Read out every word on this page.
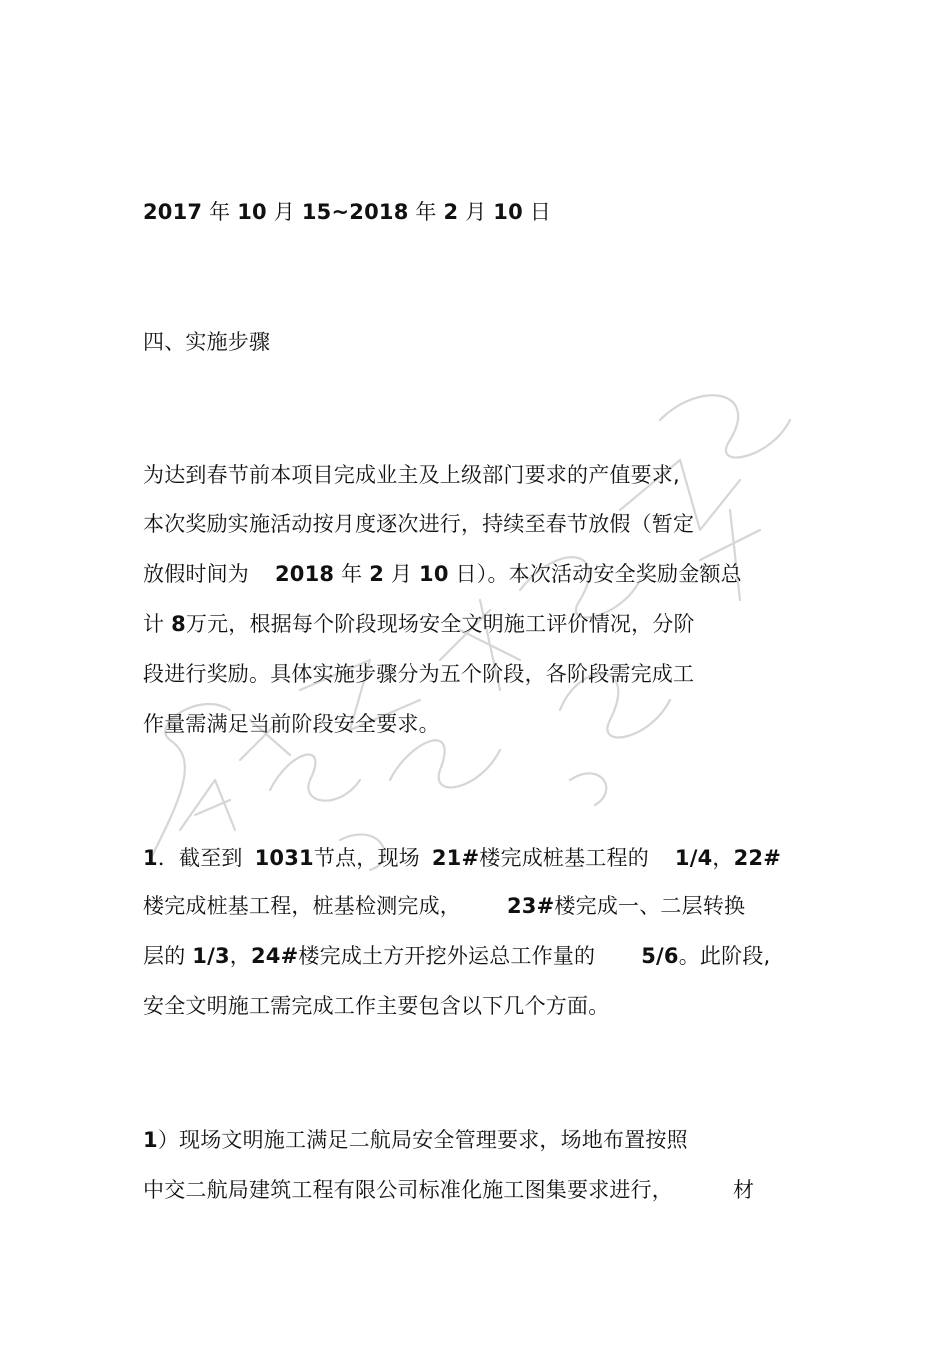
2017 年 10 月 15~2018 年 2 月 10 日

四、实施步骤

为达到春节前本项目完成业主及上级部门要求的产值要求,

本次奖励实施活动按月度逐次进行，持续至春节放假（暂定

放假时间为 2018 年 2 月 10 日）。本次活动安全奖励金额总

计 8万元，根据每个阶段现场安全文明施工评价情况，分阶

段进行奖励。具体实施步骤分为五个阶段，各阶段需完成工

作量需满足当前阶段安全要求。

1．截至到 1031节点，现场 21#楼完成桩基工程的 1/4，22#

楼完成桩基工程，桩基检测完成， 23#楼完成一、二层转换

层的 1/3，24#楼完成土方开挖外运总工作量的 5/6。此阶段,

安全文明施工需完成工作主要包含以下几个方面。

1）现场文明施工满足二航局安全管理要求，场地布置按照

中交二航局建筑工程有限公司标准化施工图集要求进行，	材
